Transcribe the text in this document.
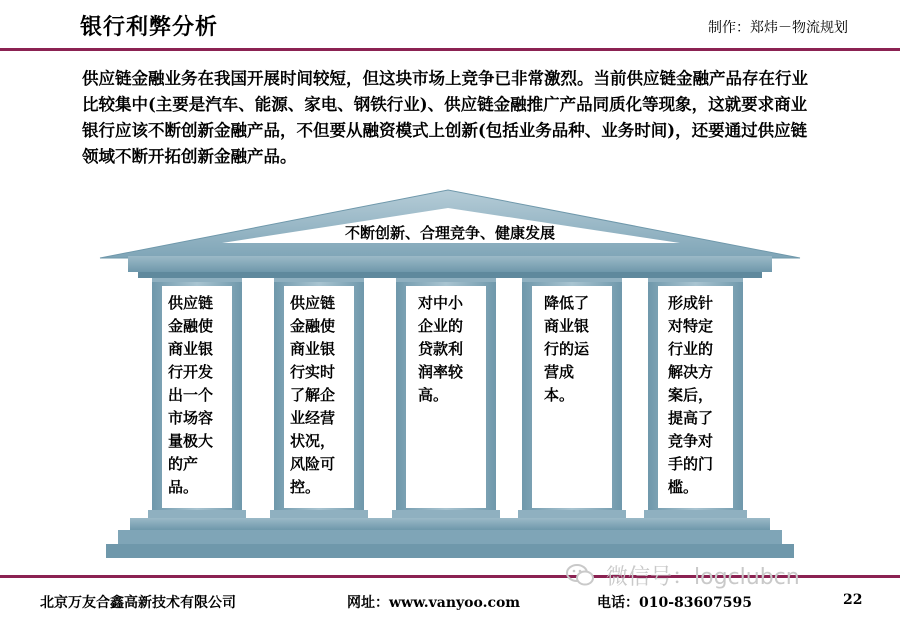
银行利弊分析	制作：郑炜－物流规划
供应链金融业务在我国开展时间较短，但这块市场上竞争已非常激烈。当前供应链金融产品存在行业比较集中(主要是汽车、能源、家电、钢铁行业)、供应链金融推广产品同质化等现象，这就要求商业银行应该不断创新金融产品，不但要从融资模式上创新(包括业务品种、业务时间)，还要通过供应链领域不断开拓创新金融产品。
不断创新、合理竞争、健康发展
供应链金融使商业银行开发出一个市场容量极大的产品。
供应链金融使商业银行实时了解企业经营状况，风险可控。
对中小企业的贷款利润率较高。
降低了商业银行的运营成本。
形成针对特定行业的解决方案后，提高了竞争对手的门槛。
微信号：logclubcn
北京万友合鑫高新技术有限公司	网址：www.vanyoo.com	电话：010-83607595	22
